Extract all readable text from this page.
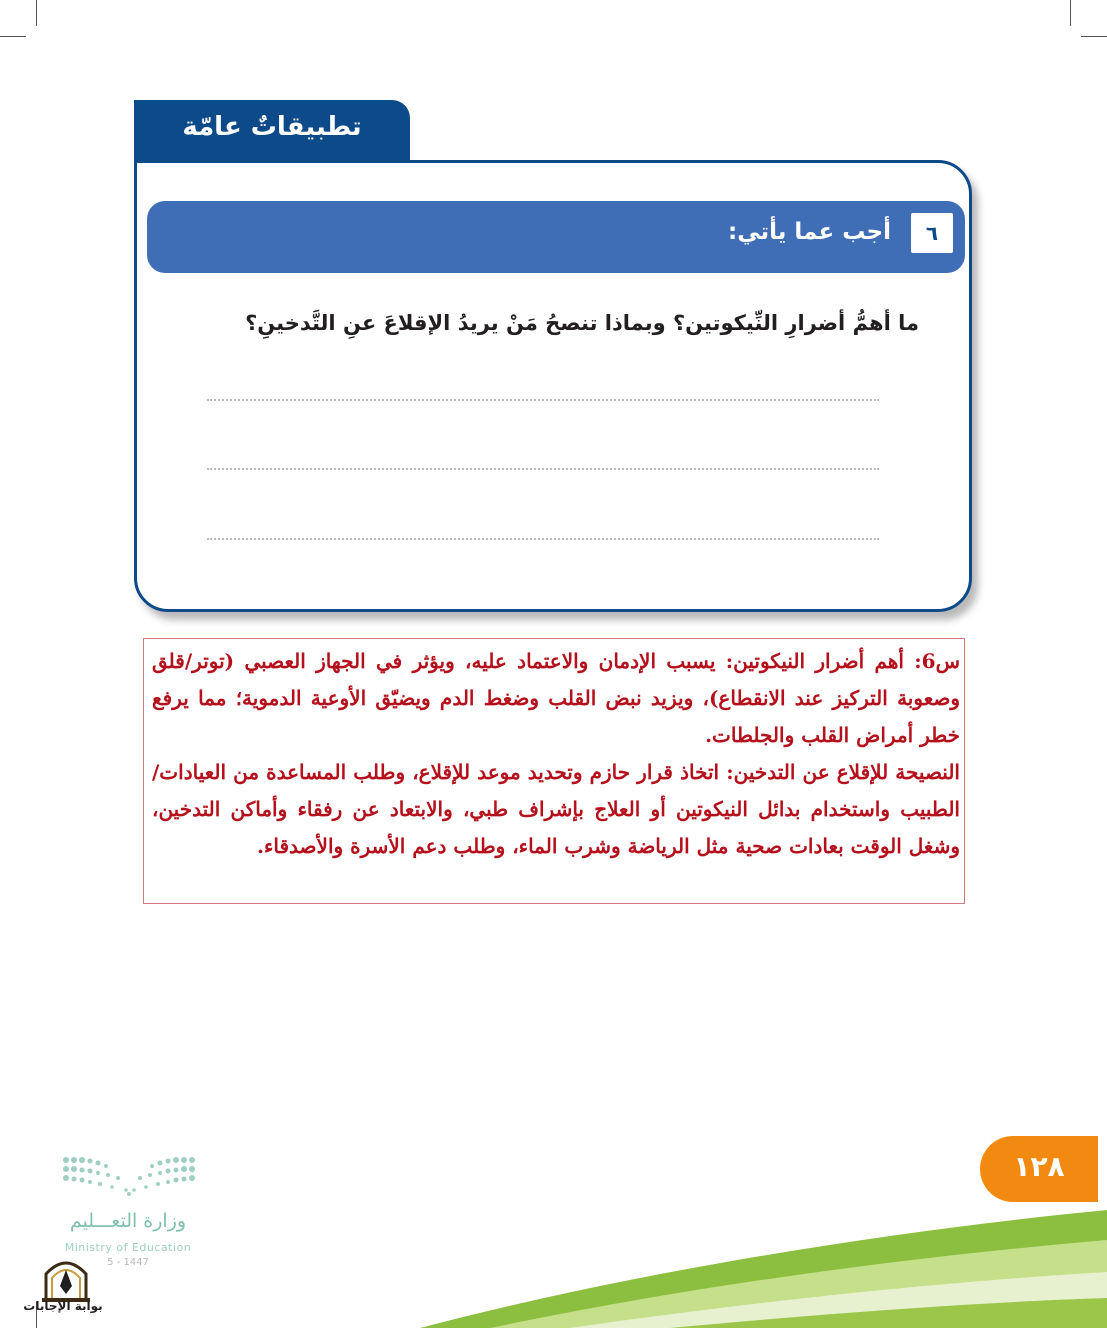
تطبيقاتٌ عامّة
٦
أجب عما يأتي:
ما أهمُّ أضرارِ النِّيكوتين؟ وبماذا تنصحُ مَنْ يريدُ الإقلاعَ عنِ التَّدخينِ؟

س6: أهم أضرار النيكوتين: يسبب الإدمان والاعتماد عليه، ويؤثر في الجهاز العصبي (توتر/قلق وصعوبة التركيز عند الانقطاع)، ويزيد نبض القلب وضغط الدم ويضيّق الأوعية الدموية؛ مما يرفع خطر أمراض القلب والجلطات.

النصيحة للإقلاع عن التدخين: اتخاذ قرار حازم وتحديد موعد للإقلاع، وطلب المساعدة من العيادات/الطبيب واستخدام بدائل النيكوتين أو العلاج بإشراف طبي، والابتعاد عن رفقاء وأماكن التدخين، وشغل الوقت بعادات صحية مثل الرياضة وشرب الماء، وطلب دعم الأسرة والأصدقاء.

١٢٨
وزارة التعـــليم
Ministry of Education
5 - 1447
بوابة الإجابات
